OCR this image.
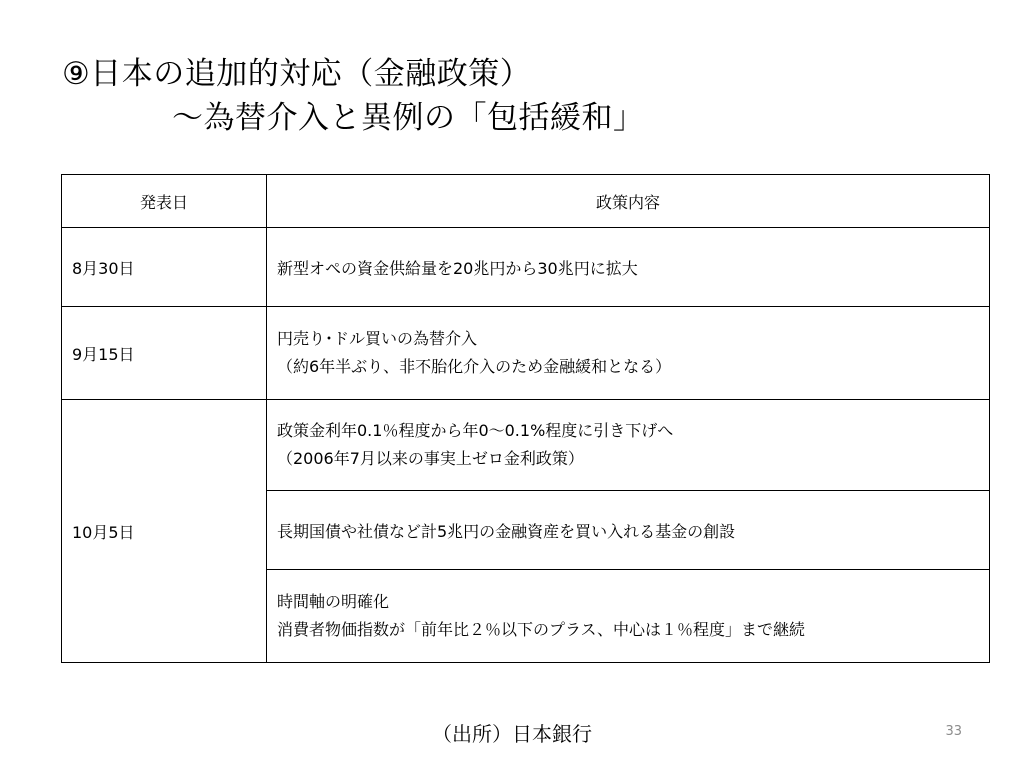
⑨日本の追加的対応（金融政策）
～為替介入と異例の「包括緩和」
発表日	政策内容
8月30日	新型オペの資金供給量を20兆円から30兆円に拡大

9月15日	円売り･ドル買いの為替介入
（約6年半ぶり、非不胎化介入のため金融緩和となる）

10月5日	政策金利年0.1％程度から年0～0.1%程度に引き下げへ
（2006年7月以来の事実上ゼロ金利政策）

	長期国債や社債など計5兆円の金融資産を買い入れる基金の創設

	時間軸の明確化
消費者物価指数が「前年比２％以下のプラス、中心は１％程度」まで継続
（出所）日本銀行	33
